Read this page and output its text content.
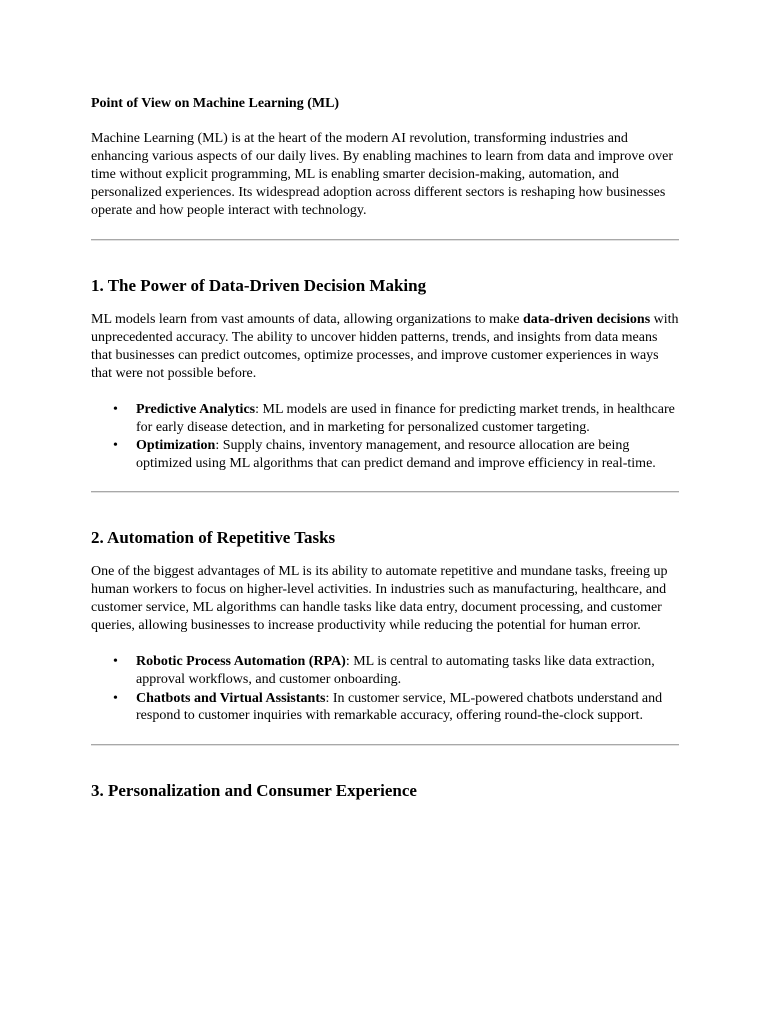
Point of View on Machine Learning (ML)

Machine Learning (ML) is at the heart of the modern AI revolution, transforming industries and enhancing various aspects of our daily lives. By enabling machines to learn from data and improve over time without explicit programming, ML is enabling smarter decision-making, automation, and personalized experiences. Its widespread adoption across different sectors is reshaping how businesses operate and how people interact with technology.

1. The Power of Data-Driven Decision Making

ML models learn from vast amounts of data, allowing organizations to make data-driven decisions with unprecedented accuracy. The ability to uncover hidden patterns, trends, and insights from data means that businesses can predict outcomes, optimize processes, and improve customer experiences in ways that were not possible before.

• Predictive Analytics: ML models are used in finance for predicting market trends, in healthcare for early disease detection, and in marketing for personalized customer targeting.
• Optimization: Supply chains, inventory management, and resource allocation are being optimized using ML algorithms that can predict demand and improve efficiency in real-time.
2. Automation of Repetitive Tasks

One of the biggest advantages of ML is its ability to automate repetitive and mundane tasks, freeing up human workers to focus on higher-level activities. In industries such as manufacturing, healthcare, and customer service, ML algorithms can handle tasks like data entry, document processing, and customer queries, allowing businesses to increase productivity while reducing the potential for human error.

• Robotic Process Automation (RPA): ML is central to automating tasks like data extraction, approval workflows, and customer onboarding.
• Chatbots and Virtual Assistants: In customer service, ML-powered chatbots understand and respond to customer inquiries with remarkable accuracy, offering round-the-clock support.
3. Personalization and Consumer Experience
